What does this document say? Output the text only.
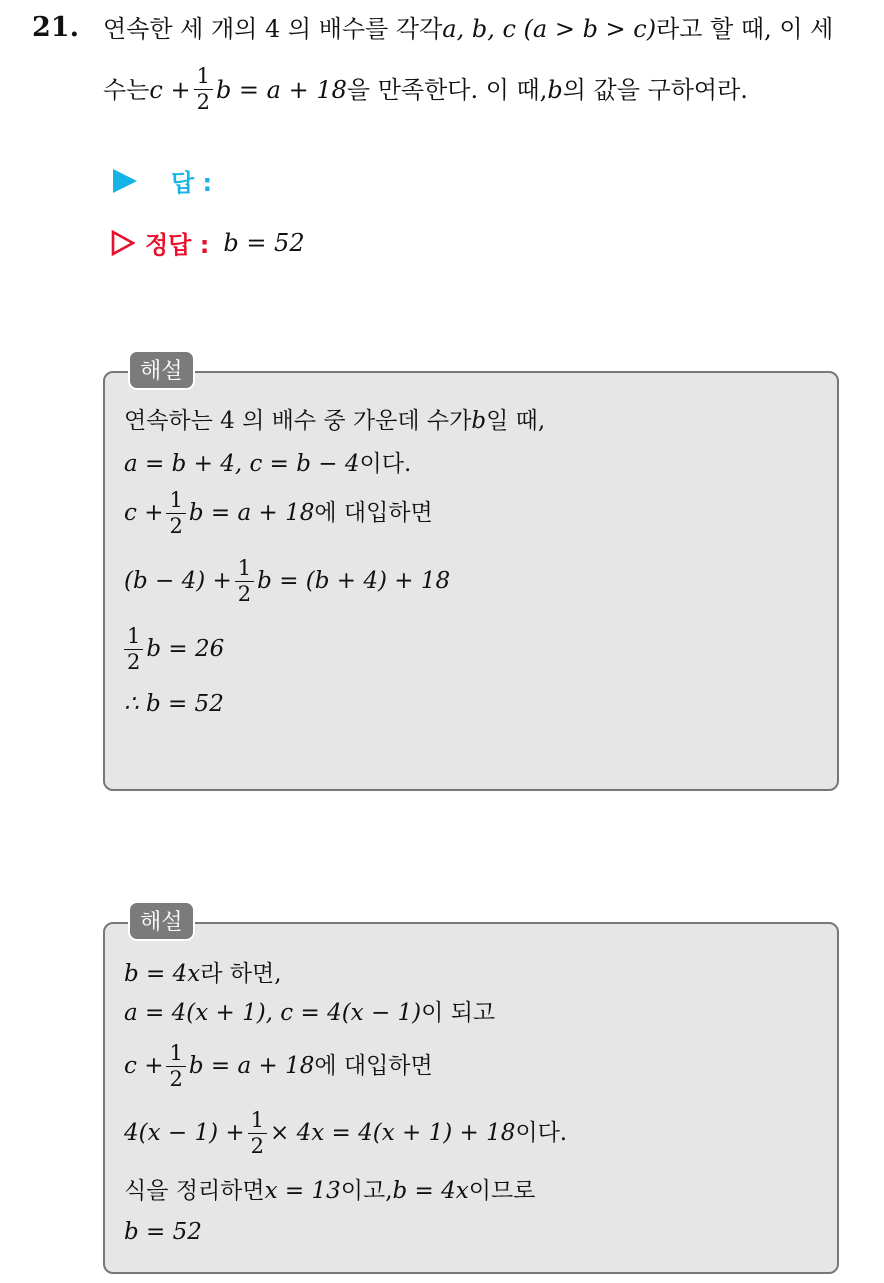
21. 연속한 세 개의 4 의 배수를 각각 a, b, c (a > b > c) 라고 할 때, 이 세
수는 $c + \frac{1}{2}$ b = a + 18 을 만족한다. 이 때, b 의 값을 구하여라.
답 :
정답 : b = 52
해설
연속하는 4 의 배수 중 가운데 수가 b 일 때,
a = b + 4, c = b − 4 이다.
$c + \frac{1}{2}$ b = a + 18 에 대입하면
$(b - 4) + \frac{1}{2}$ b = (b + 4) + 18
$\frac{1}{2}$ b = 26
∴ b = 52
해설
b = 4x 라 하면,
a = 4(x + 1), c = 4(x − 1) 이 되고
$c + \frac{1}{2}$ b = a + 18 에 대입하면
$4(x - 1) + \frac{1}{2} \times 4x = 4(x + 1) + 18$ 이다.
식을 정리하면 x = 13 이고, b = 4x 이므로
b = 52
